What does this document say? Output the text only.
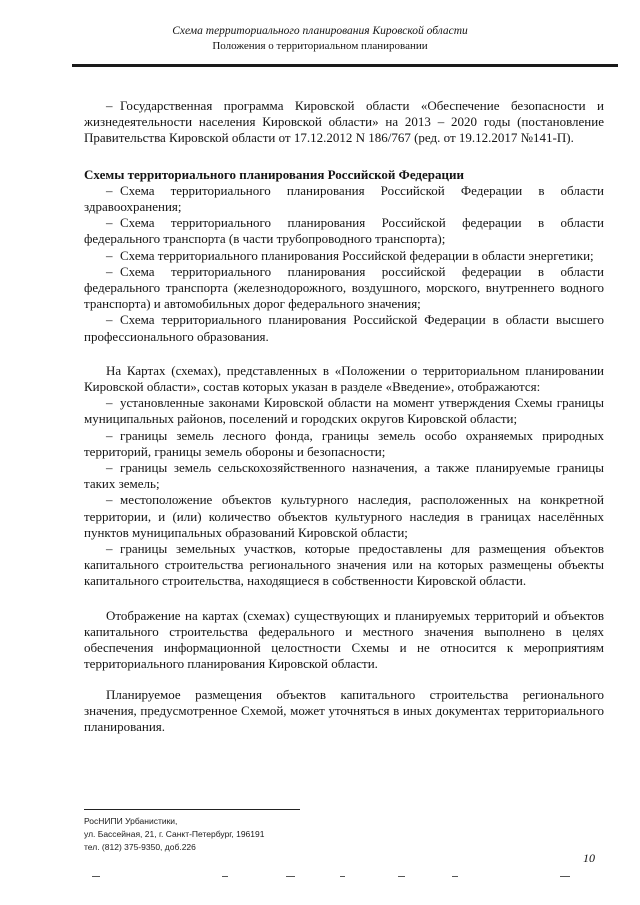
Схема территориального планирования Кировской области
Положения о территориальном планировании

– Государственная программа Кировской области «Обеспечение безопасности и жизнедеятельности населения Кировской области» на 2013 – 2020 годы (постановление Правительства Кировской области от 17.12.2012 N 186/767 (ред. от 19.12.2017 №141-П).

Схемы территориального планирования Российской Федерации

– Схема территориального планирования Российской Федерации в области здравоохранения;

– Схема территориального планирования Российской федерации в области федерального транспорта (в части трубопроводного транспорта);

– Схема территориального планирования Российской федерации в области энергетики;

– Схема территориального планирования российской федерации в области федерального транспорта (железнодорожного, воздушного, морского, внутреннего водного транспорта) и автомобильных дорог федерального значения;

– Схема территориального планирования Российской Федерации в области высшего профессионального образования.

На Картах (схемах), представленных в «Положении о территориальном планировании Кировской области», состав которых указан в разделе «Введение», отображаются:

– установленные законами Кировской области на момент утверждения Схемы границы муниципальных районов, поселений и городских округов Кировской области;

– границы земель лесного фонда, границы земель особо охраняемых природных территорий, границы земель обороны и безопасности;

– границы земель сельскохозяйственного назначения, а также планируемые границы таких земель;

– местоположение объектов культурного наследия, расположенных на конкретной территории, и (или) количество объектов культурного наследия в границах населённых пунктов муниципальных образований Кировской области;

– границы земельных участков, которые предоставлены для размещения объектов капитального строительства регионального значения или на которых размещены объекты капитального строительства, находящиеся в собственности Кировской области.

Отображение на картах (схемах) существующих и планируемых территорий и объектов капитального строительства федерального и местного значения выполнено в целях обеспечения информационной целостности Схемы и не относится к мероприятиям территориального планирования Кировской области.

Планируемое размещения объектов капитального строительства регионального значения, предусмотренное Схемой, может уточняться в иных документах территориального планирования.

РосНИПИ Урбанистики,
ул. Бассейная, 21, г. Санкт-Петербург, 196191
тел. (812) 375-9350, доб.226
10
